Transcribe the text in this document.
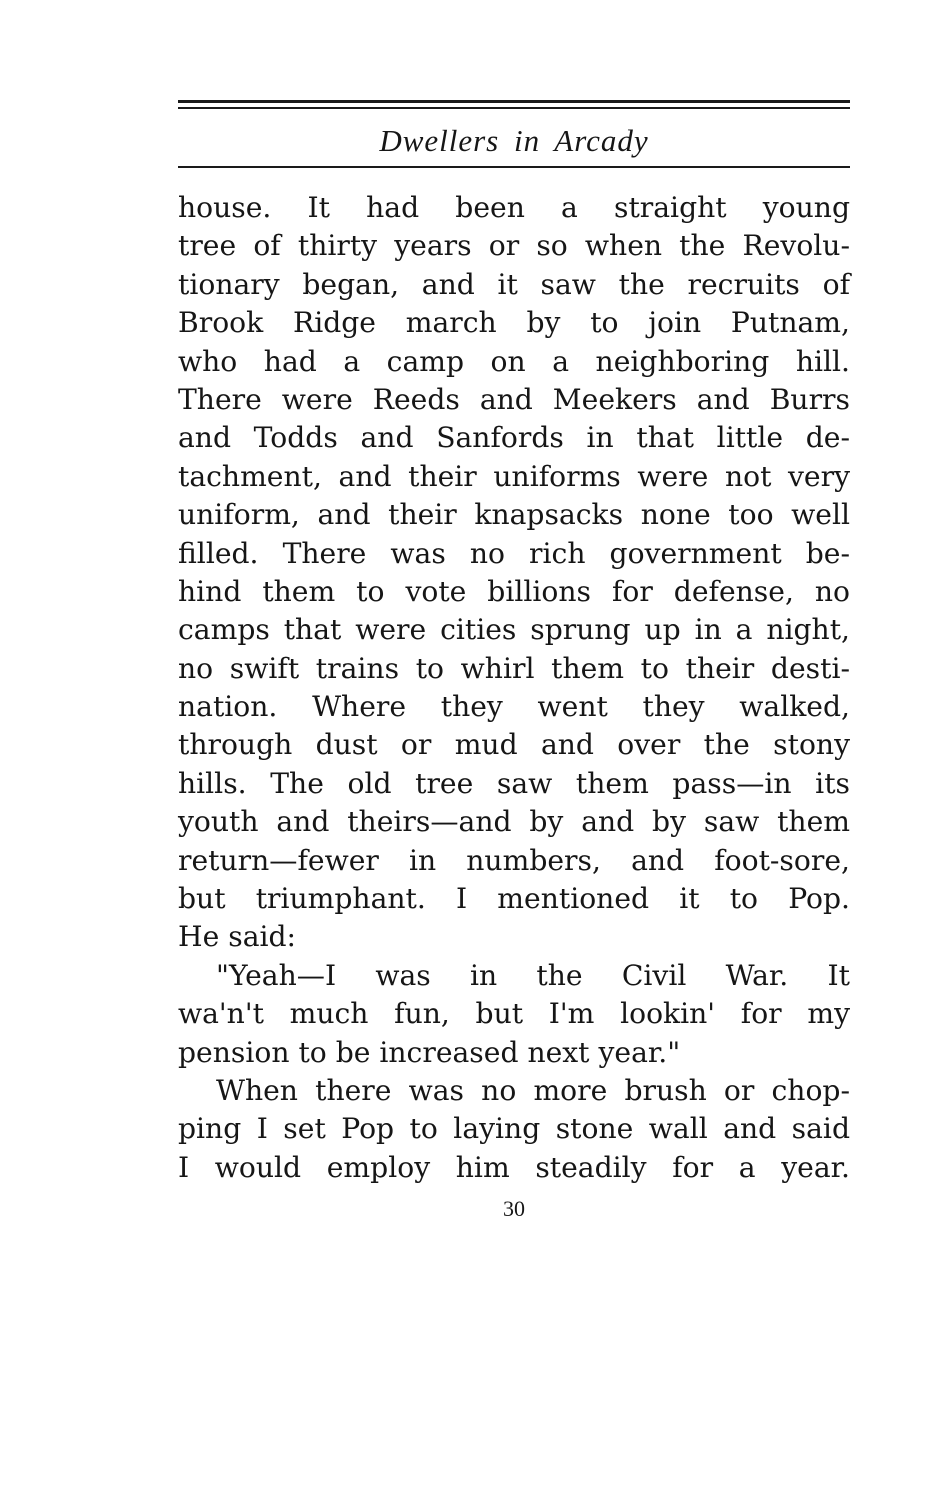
Dwellers in Arcady
house. It had been a straight young
tree of thirty years or so when the Revolu-
tionary began, and it saw the recruits of
Brook Ridge march by to join Putnam,
who had a camp on a neighboring hill.
There were Reeds and Meekers and Burrs
and Todds and Sanfords in that little de-
tachment, and their uniforms were not very
uniform, and their knapsacks none too well
filled. There was no rich government be-
hind them to vote billions for defense, no
camps that were cities sprung up in a night,
no swift trains to whirl them to their desti-
nation. Where they went they walked,
through dust or mud and over the stony
hills. The old tree saw them pass—in its
youth and theirs—and by and by saw them
return—fewer in numbers, and foot-sore,
but triumphant. I mentioned it to Pop.
He said:
"Yeah—I was in the Civil War. It
wa'n't much fun, but I'm lookin' for my
pension to be increased next year."
When there was no more brush or chop-
ping I set Pop to laying stone wall and said
I would employ him steadily for a year.
30
